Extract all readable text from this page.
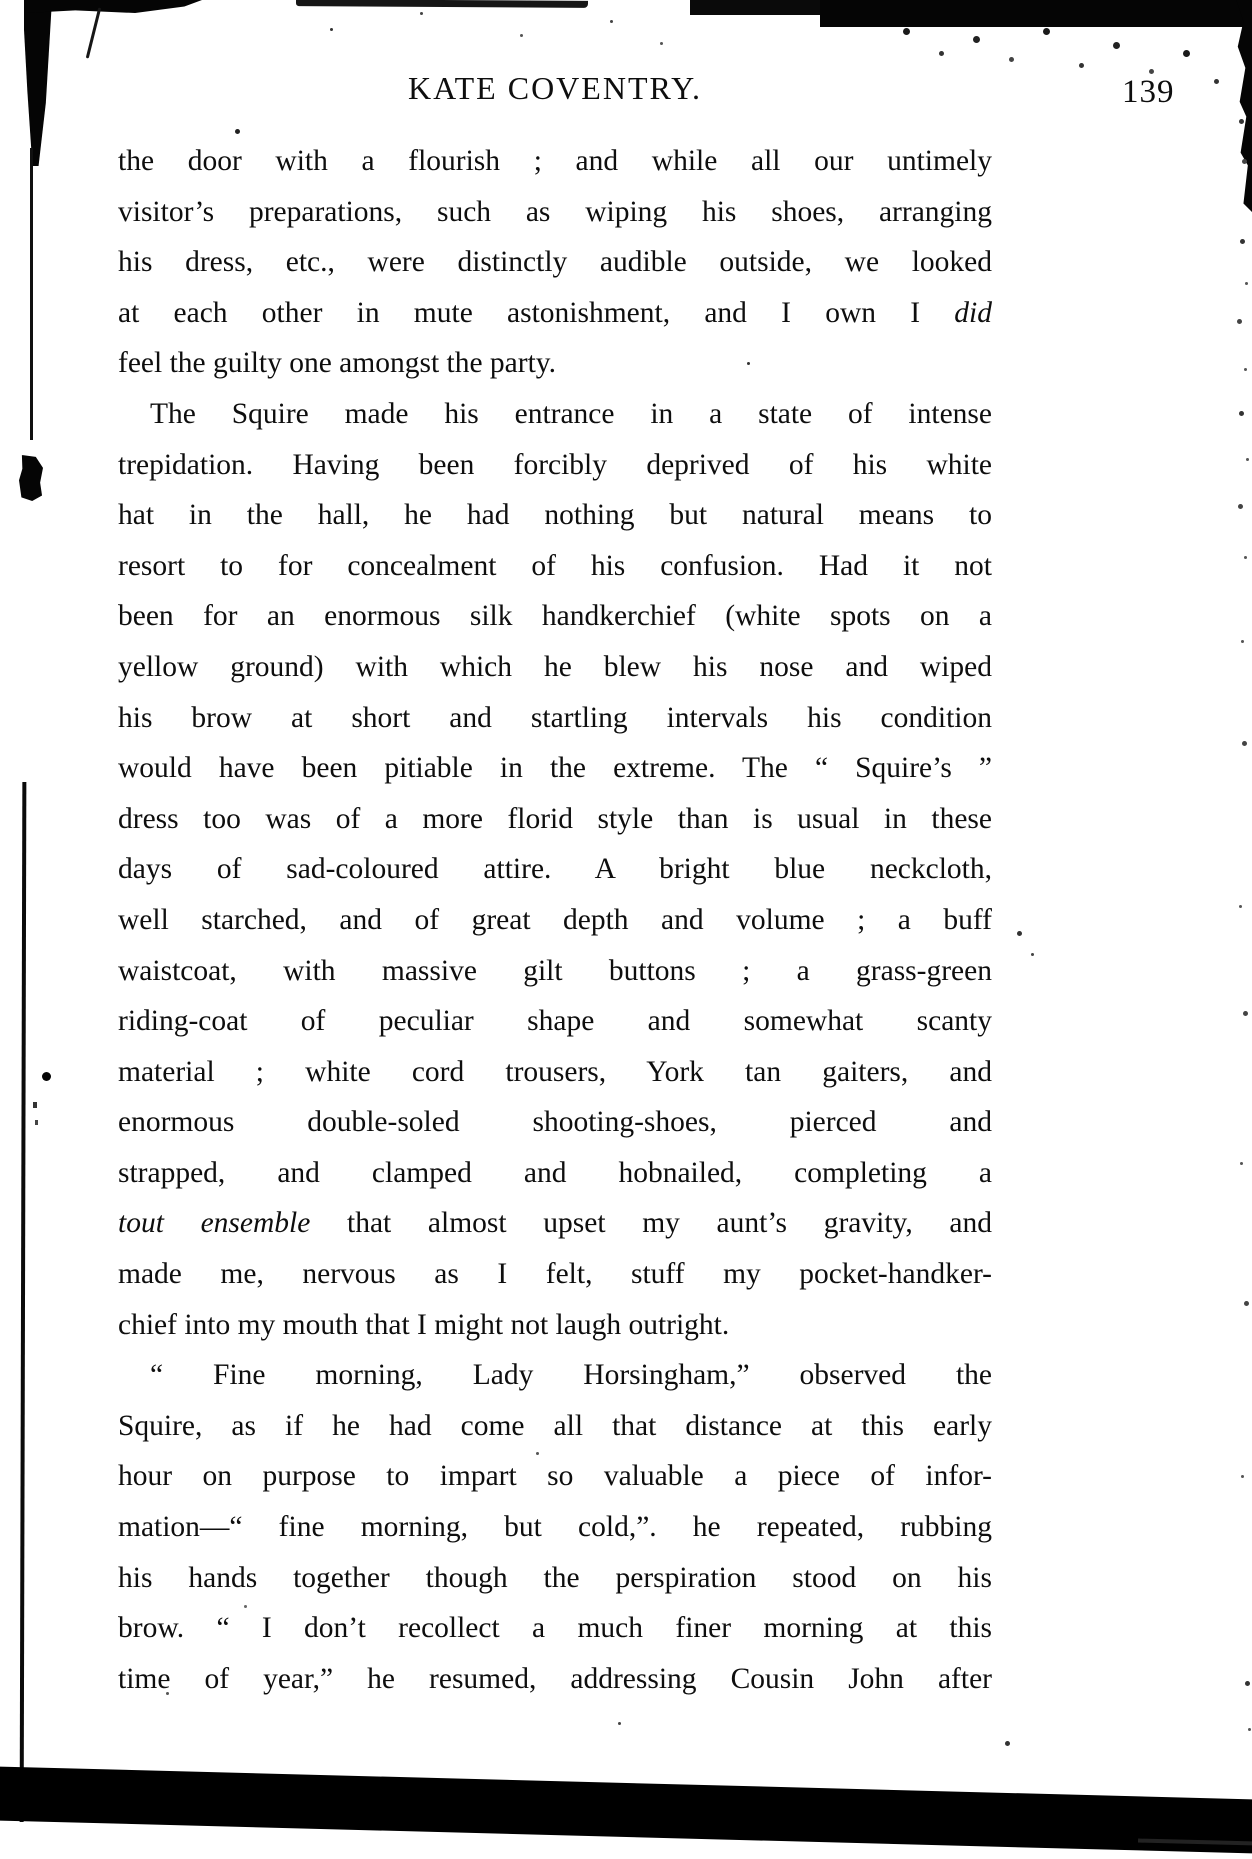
KATE COVENTRY.	139
the door with a flourish ; and while all our untimely
visitor’s preparations, such as wiping his shoes, arranging
his dress, etc., were distinctly audible outside, we looked
at each other in mute astonishment, and I own I did
feel the guilty one amongst the party.
The Squire made his entrance in a state of intense
trepidation. Having been forcibly deprived of his white
hat in the hall, he had nothing but natural means to
resort to for concealment of his confusion. Had it not
been for an enormous silk handkerchief (white spots on a
yellow ground) with which he blew his nose and wiped
his brow at short and startling intervals his condition
would have been pitiable in the extreme. The “ Squire’s ”
dress too was of a more florid style than is usual in these
days of sad-coloured attire. A bright blue neckcloth,
well starched, and of great depth and volume ; a buff
waistcoat, with massive gilt buttons ; a grass-green
riding-coat of peculiar shape and somewhat scanty
material ; white cord trousers, York tan gaiters, and
enormous double-soled shooting-shoes, pierced and
strapped, and clamped and hobnailed, completing a
tout ensemble that almost upset my aunt’s gravity, and
made me, nervous as I felt, stuff my pocket-handker-
chief into my mouth that I might not laugh outright.
“ Fine morning, Lady Horsingham,” observed the
Squire, as if he had come all that distance at this early
hour on purpose to impart so valuable a piece of infor-
mation—“ fine morning, but cold,”. he repeated, rubbing
his hands together though the perspiration stood on his
brow. “ I don’t recollect a much finer morning at this
time of year,” he resumed, addressing Cousin John after
